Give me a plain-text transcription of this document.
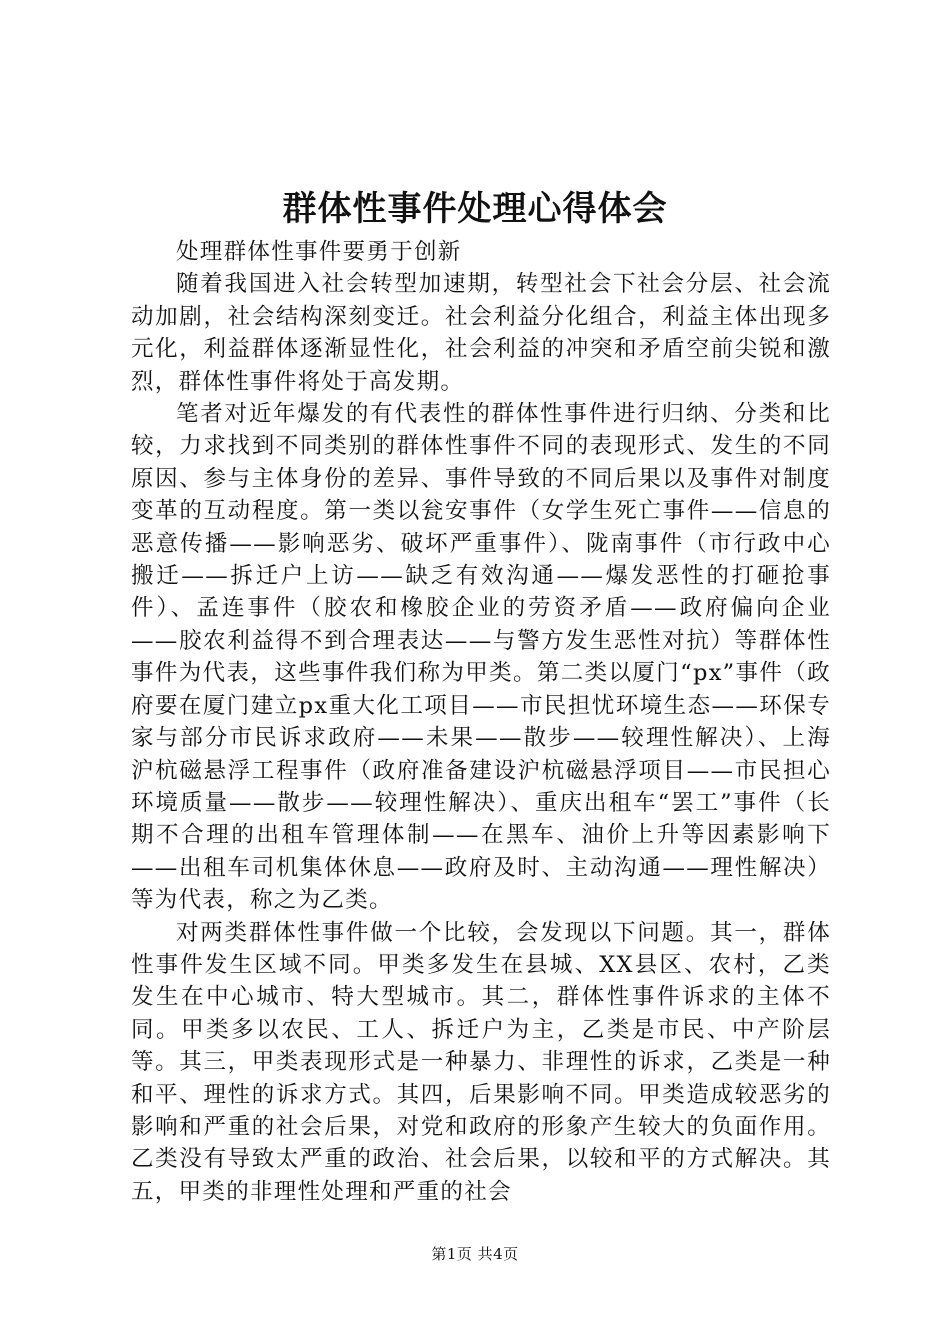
群体性事件处理心得体会

处理群体性事件要勇于创新

随着我国进入社会转型加速期，转型社会下社会分层、社会流动加剧，社会结构深刻变迁。社会利益分化组合，利益主体出现多元化，利益群体逐渐显性化，社会利益的冲突和矛盾空前尖锐和激烈，群体性事件将处于高发期。

笔者对近年爆发的有代表性的群体性事件进行归纳、分类和比较，力求找到不同类别的群体性事件不同的表现形式、发生的不同原因、参与主体身份的差异、事件导致的不同后果以及事件对制度变革的互动程度。第一类以瓮安事件（女学生死亡事件——信息的恶意传播——影响恶劣、破坏严重事件）、陇南事件（市行政中心搬迁——拆迁户上访——缺乏有效沟通——爆发恶性的打砸抢事件）、孟连事件（胶农和橡胶企业的劳资矛盾——政府偏向企业——胶农利益得不到合理表达——与警方发生恶性对抗）等群体性事件为代表，这些事件我们称为甲类。第二类以厦门“px”事件（政府要在厦门建立px重大化工项目——市民担忧环境生态——环保专家与部分市民诉求政府——未果——散步——较理性解决）、上海沪杭磁悬浮工程事件（政府准备建设沪杭磁悬浮项目——市民担心环境质量——散步——较理性解决）、重庆出租车“罢工”事件（长期不合理的出租车管理体制——在黑车、油价上升等因素影响下——出租车司机集体休息——政府及时、主动沟通——理性解决）等为代表，称之为乙类。

对两类群体性事件做一个比较，会发现以下问题。其一，群体性事件发生区域不同。甲类多发生在县城、XX县区、农村，乙类发生在中心城市、特大型城市。其二，群体性事件诉求的主体不同。甲类多以农民、工人、拆迁户为主，乙类是市民、中产阶层等。其三，甲类表现形式是一种暴力、非理性的诉求，乙类是一种和平、理性的诉求方式。其四，后果影响不同。甲类造成较恶劣的影响和严重的社会后果，对党和政府的形象产生较大的负面作用。乙类没有导致太严重的政治、社会后果，以较和平的方式解决。其五，甲类的非理性处理和严重的社会

第1页 共4页
